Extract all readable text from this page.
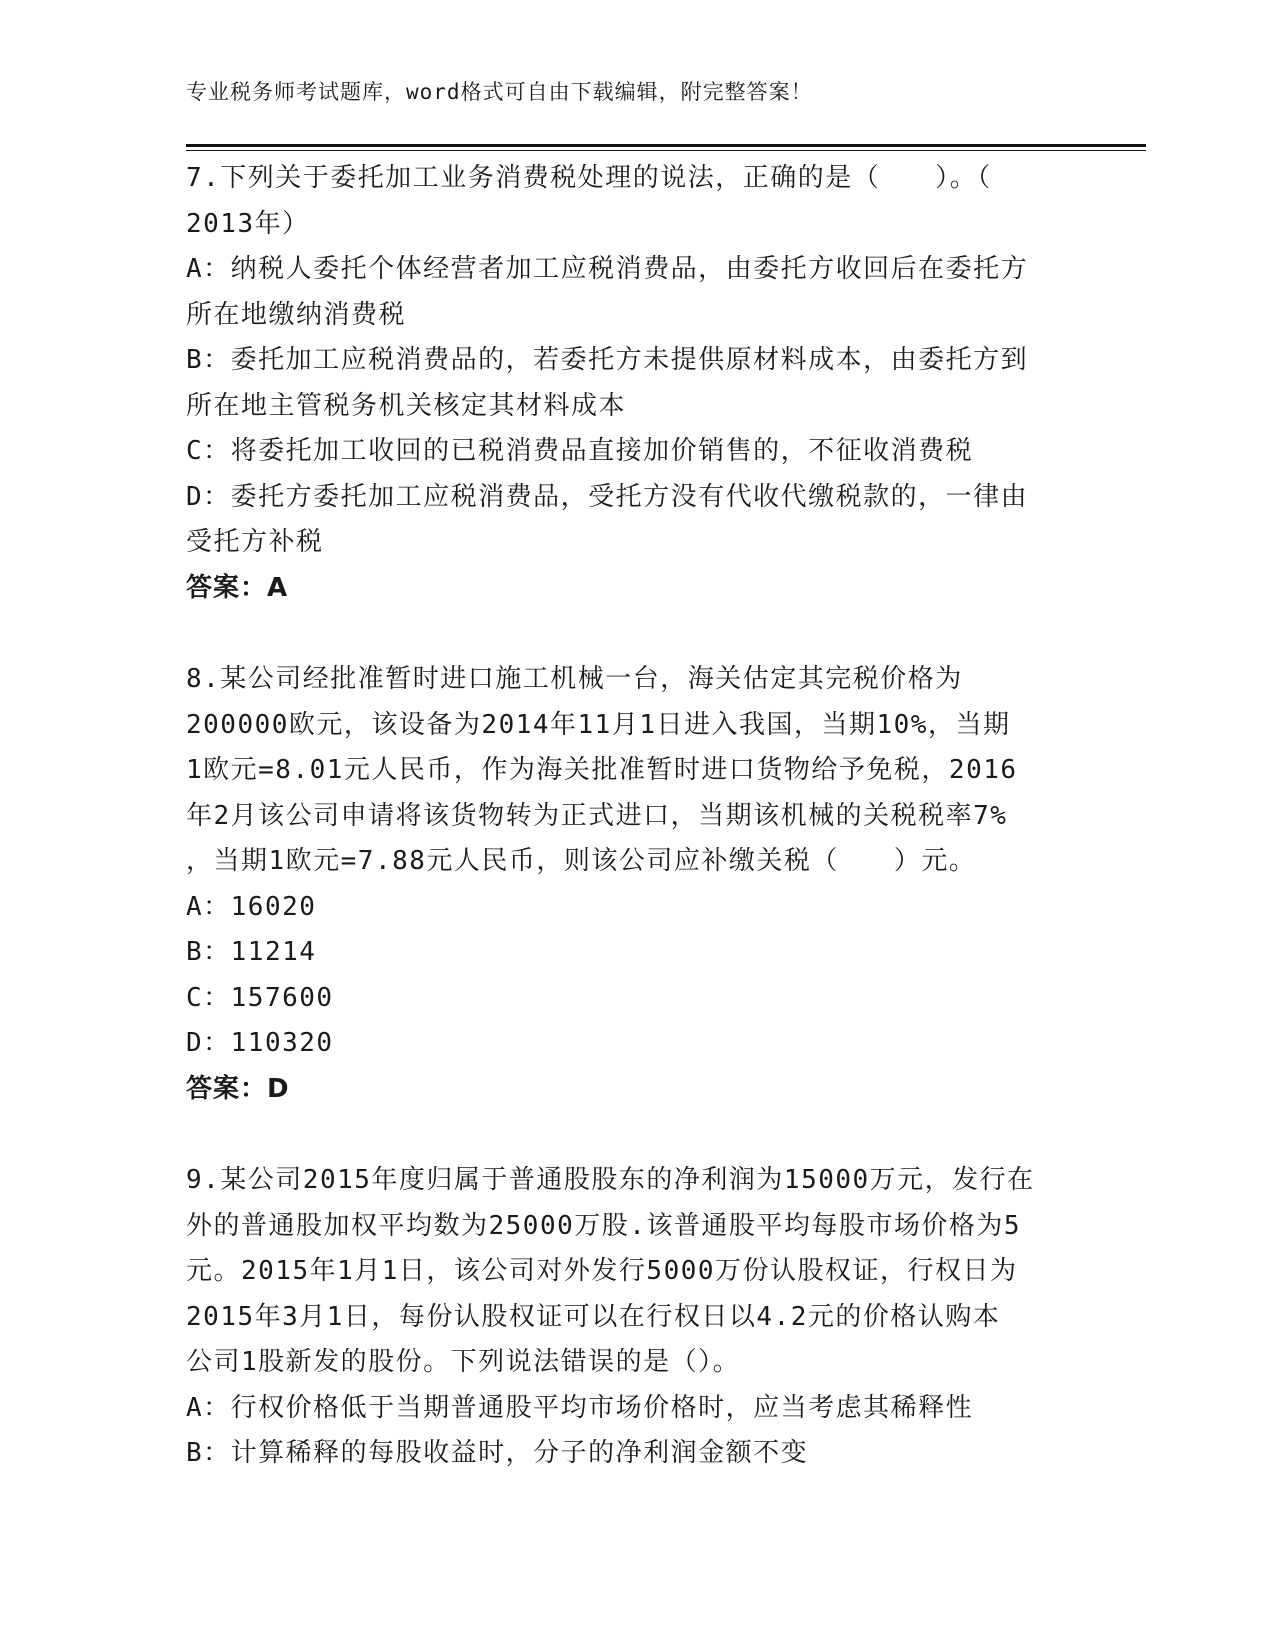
专业税务师考试题库，word格式可自由下载编辑，附完整答案！
7.下列关于委托加工业务消费税处理的说法，正确的是（　　）。（
2013年）
A：纳税人委托个体经营者加工应税消费品，由委托方收回后在委托方
所在地缴纳消费税
B：委托加工应税消费品的，若委托方未提供原材料成本，由委托方到
所在地主管税务机关核定其材料成本
C：将委托加工收回的已税消费品直接加价销售的，不征收消费税
D：委托方委托加工应税消费品，受托方没有代收代缴税款的，一律由
受托方补税
答案：A
8.某公司经批准暂时进口施工机械一台，海关估定其完税价格为
200000欧元，该设备为2014年11月1日进入我国，当期10%，当期
1欧元=8.01元人民币，作为海关批准暂时进口货物给予免税，2016
年2月该公司申请将该货物转为正式进口，当期该机械的关税税率7%
，当期1欧元=7.88元人民币，则该公司应补缴关税（　　）元。
A：16020
B：11214
C：157600
D：110320
答案：D
9.某公司2015年度归属于普通股股东的净利润为15000万元，发行在
外的普通股加权平均数为25000万股.该普通股平均每股市场价格为5
元。2015年1月1日，该公司对外发行5000万份认股权证，行权日为
2015年3月1日，每份认股权证可以在行权日以4.2元的价格认购本
公司1股新发的股份。下列说法错误的是（）。
A：行权价格低于当期普通股平均市场价格时，应当考虑其稀释性
B：计算稀释的每股收益时，分子的净利润金额不变
